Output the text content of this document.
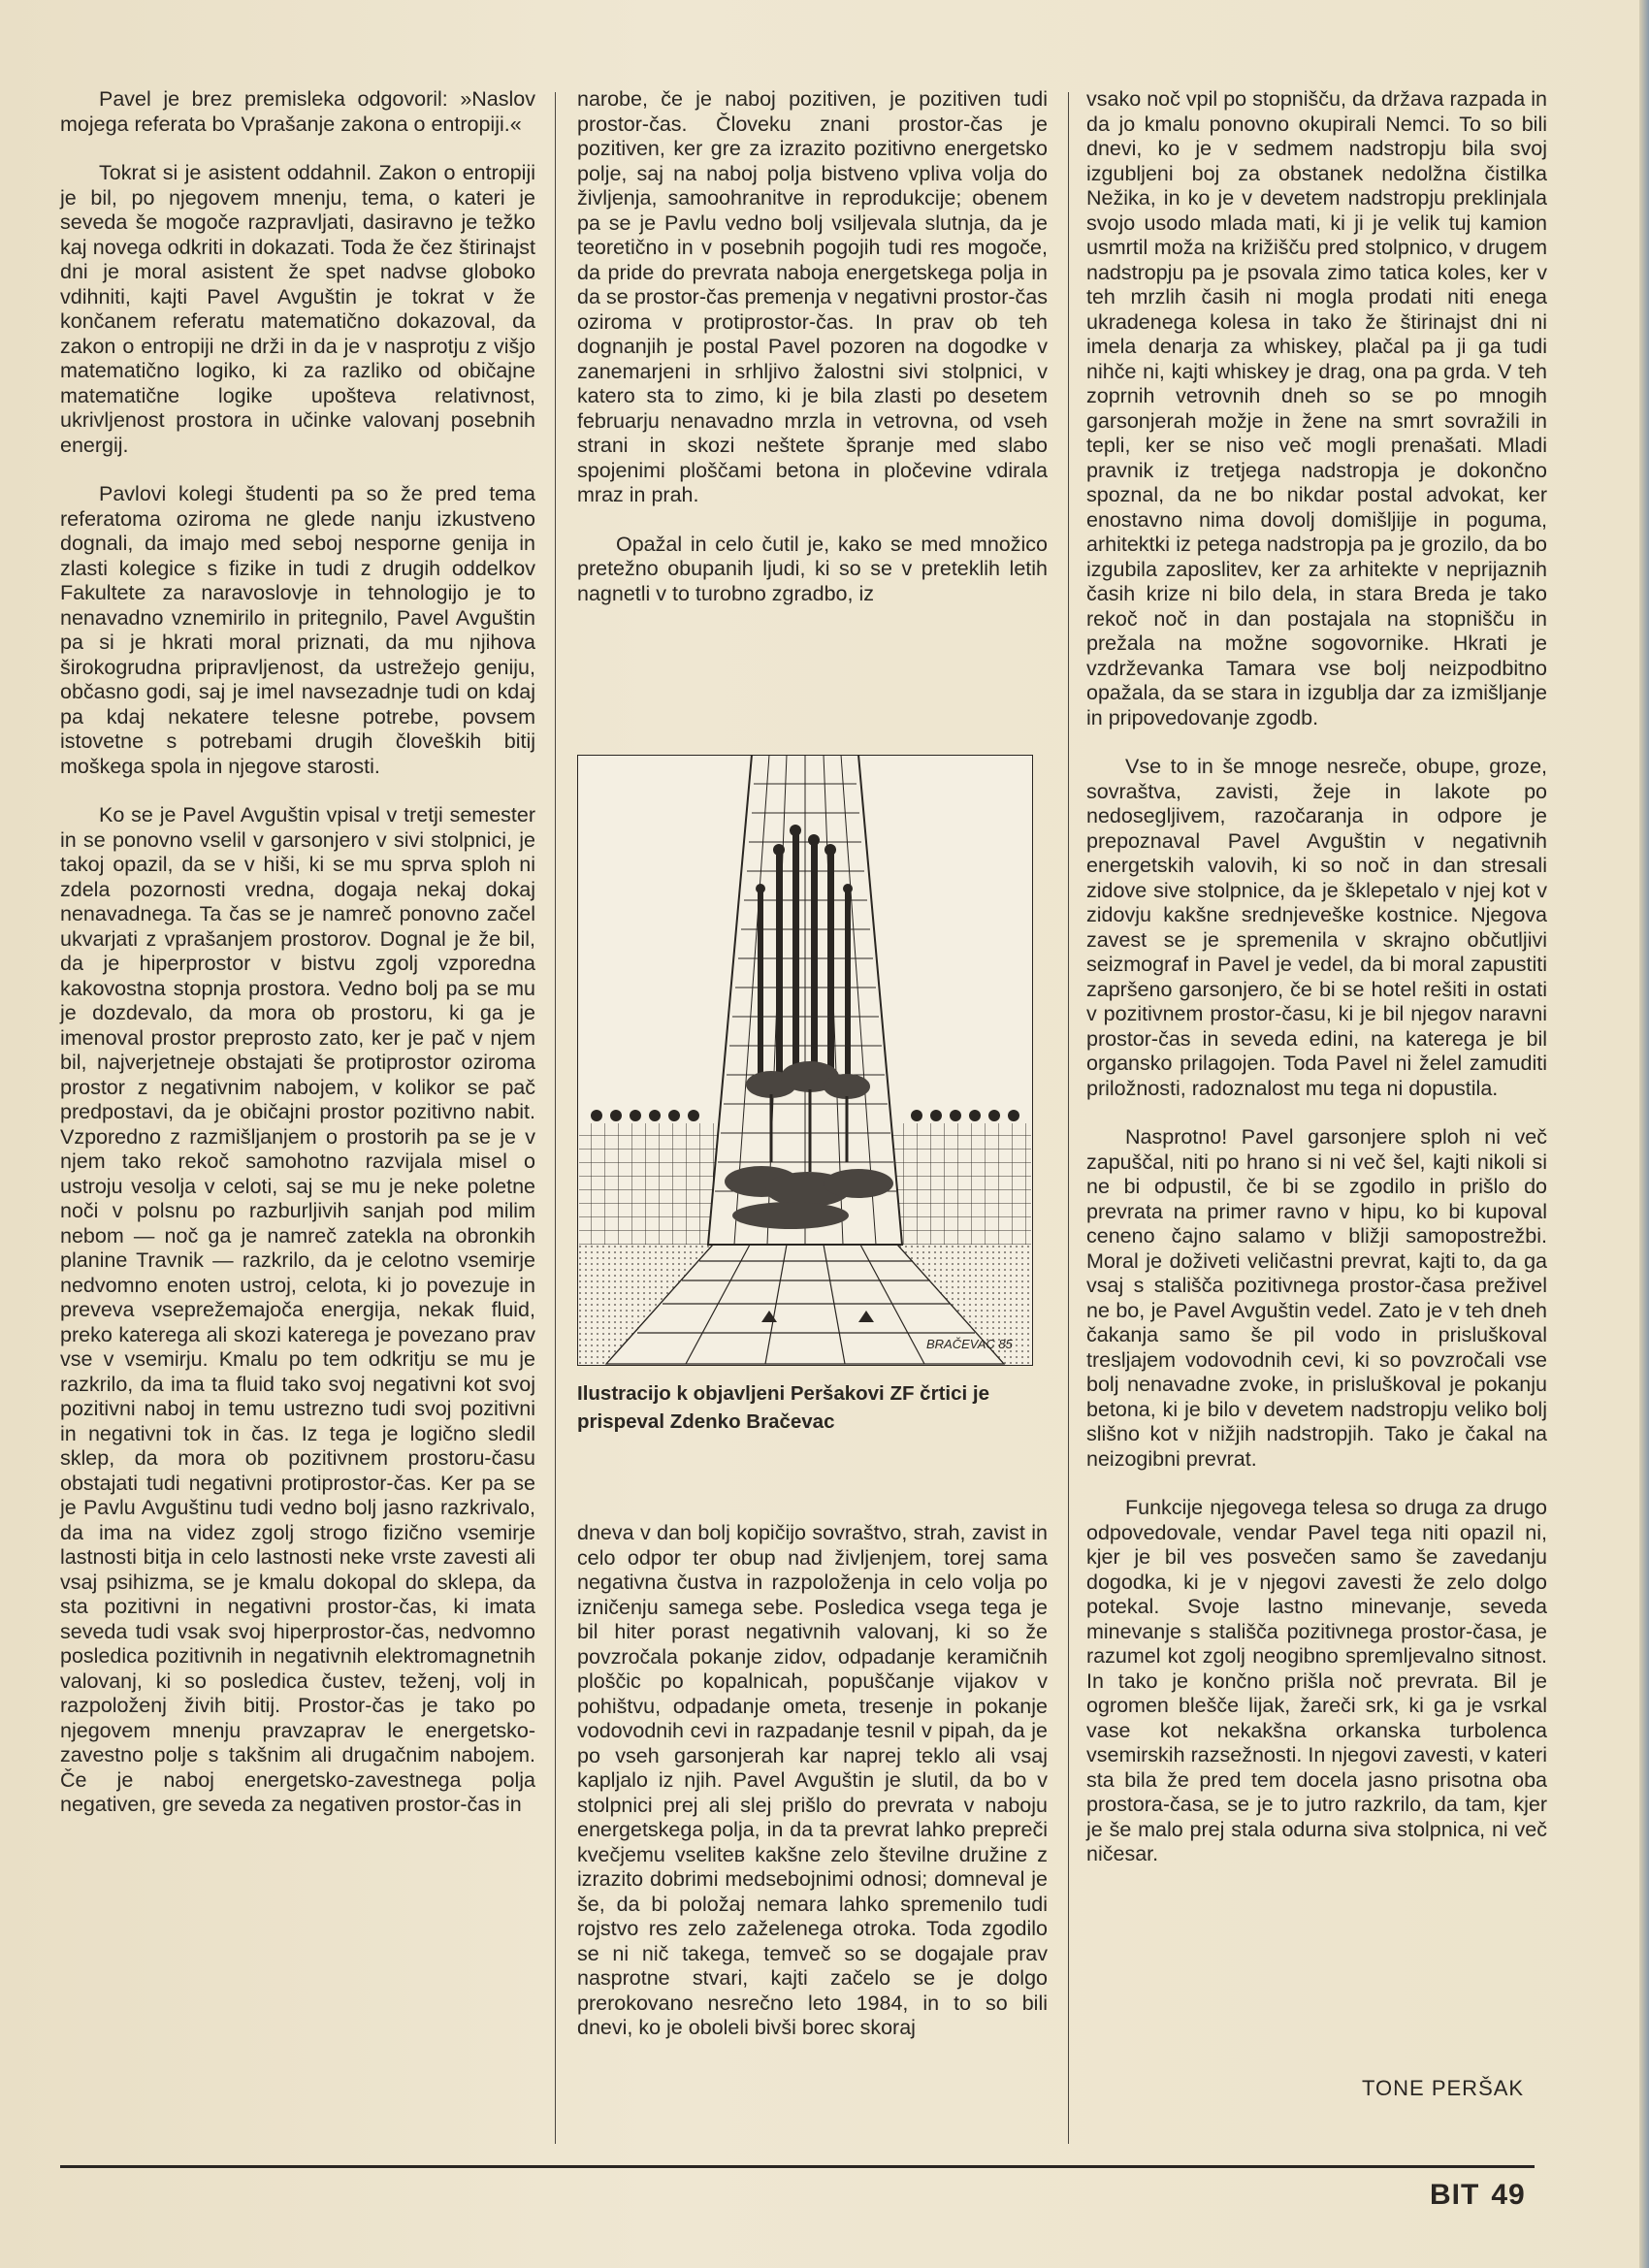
Pavel je brez premisleka odgovoril: »Naslov mojega referata bo Vprašanje zakona o entropiji.«

Tokrat si je asistent oddahnil. Zakon o entropiji je bil, po njegovem mnenju, tema, o kateri je seveda še mogoče razpravljati, dasiravno je težko kaj novega odkriti in dokazati. Toda že čez štirinajst dni je moral asistent že spet nadvse globoko vdihniti, kajti Pavel Avguštin je tokrat v že končanem referatu matematično dokazoval, da zakon o entropiji ne drži in da je v nasprotju z višjo matematično logiko, ki za razliko od običajne matematične logike upošteva relativnost, ukrivljenost prostora in učinke valovanj posebnih energij.

Pavlovi kolegi študenti pa so že pred tema referatoma oziroma ne glede nanju izkustveno dognali, da imajo med seboj nesporne genija in zlasti kolegice s fizike in tudi z drugih oddelkov Fakultete za naravoslovje in tehnologijo je to nenavadno vznemirilo in pritegnilo, Pavel Avguštin pa si je hkrati moral priznati, da mu njihova širokogrudna pripravljenost, da ustrežejo geniju, občasno godi, saj je imel navsezadnje tudi on kdaj pa kdaj nekatere telesne potrebe, povsem istovetne s potrebami drugih človeških bitij moškega spola in njegove starosti.

Ko se je Pavel Avguštin vpisal v tretji semester in se ponovno vselil v garsonjero v sivi stolpnici, je takoj opazil, da se v hiši, ki se mu sprva sploh ni zdela pozornosti vredna, dogaja nekaj dokaj nenavadnega. Ta čas se je namreč ponovno začel ukvarjati z vprašanjem prostorov. Dognal je že bil, da je hiperprostor v bistvu zgolj vzporedna kakovostna stopnja prostora. Vedno bolj pa se mu je dozdevalo, da mora ob prostoru, ki ga je imenoval prostor preprosto zato, ker je pač v njem bil, najverjetneje obstajati še protiprostor oziroma prostor z negativnim nabojem, v kolikor se pač predpostavi, da je običajni prostor pozitivno nabit. Vzporedno z razmišljanjem o prostorih pa se je v njem tako rekoč samohotno razvijala misel o ustroju vesolja v celoti, saj se mu je neke poletne noči v polsnu po razburljivih sanjah pod milim nebom — noč ga je namreč zatekla na obronkih planine Travnik — razkrilo, da je celotno vsemirje nedvomno enoten ustroj, celota, ki jo povezuje in preveva vseprežemajoča energija, nekak fluid, preko katerega ali skozi katerega je povezano prav vse v vsemirju. Kmalu po tem odkritju se mu je razkrilo, da ima ta fluid tako svoj negativni kot svoj pozitivni naboj in temu ustrezno tudi svoj pozitivni in negativni tok in čas. Iz tega je logično sledil sklep, da mora ob pozitivnem prostoru-času obstajati tudi negativni protiprostor-čas. Ker pa se je Pavlu Avguštinu tudi vedno bolj jasno razkrivalo, da ima na videz zgolj strogo fizično vsemirje lastnosti bitja in celo lastnosti neke vrste zavesti ali vsaj psihizma, se je kmalu dokopal do sklepa, da sta pozitivni in negativni prostor-čas, ki imata seveda tudi vsak svoj hiperprostor-čas, nedvomno posledica pozitivnih in negativnih elektromagnetnih valovanj, ki so posledica čustev, teženj, volj in razpoloženj živih bitij. Prostor-čas je tako po njegovem mnenju pravzaprav le energetsko-zavestno polje s takšnim ali drugačnim nabojem. Če je naboj energetsko-zavestnega polja negativen, gre seveda za negativen prostor-čas in

narobe, če je naboj pozitiven, je pozitiven tudi prostor-čas. Človeku znani prostor-čas je pozitiven, ker gre za izrazito pozitivno energetsko polje, saj na naboj polja bistveno vpliva volja do življenja, samoohranitve in reprodukcije; obenem pa se je Pavlu vedno bolj vsiljevala slutnja, da je teoretično in v posebnih pogojih tudi res mogoče, da pride do prevrata naboja energetskega polja in da se prostor-čas premenja v negativni prostor-čas oziroma v protiprostor-čas. In prav ob teh dognanjih je postal Pavel pozoren na dogodke v zanemarjeni in srhljivo žalostni sivi stolpnici, v katero sta to zimo, ki je bila zlasti po desetem februarju nenavadno mrzla in vetrovna, od vseh strani in skozi neštete špranje med slabo spojenimi ploščami betona in pločevine vdirala mraz in prah.

Opažal in celo čutil je, kako se med množico pretežno obupanih ljudi, ki so se v preteklih letih nagnetli v to turobno zgradbo, iz

BRAČEVAC 85
Ilustracijo k objavljeni Peršakovi ZF črtici je prispeval Zdenko Bračevac

dneva v dan bolj kopičijo sovraštvo, strah, zavist in celo odpor ter obup nad življenjem, torej sama negativna čustva in razpoloženja in celo volja po izničenju samega sebe. Posledica vsega tega je bil hiter porast negativnih valovanj, ki so že povzročala pokanje zidov, odpadanje keramičnih ploščic po kopalnicah, popuščanje vijakov v pohištvu, odpadanje ometa, tresenje in pokanje vodovodnih cevi in razpadanje tesnil v pipah, da je po vseh garsonjerah kar naprej teklo ali vsaj kapljalo iz njih. Pavel Avguštin je slutil, da bo v stolpnici prej ali slej prišlo do prevrata v naboju energetskega polja, in da ta prevrat lahko prepreči kvečjemu vseliteв kakšne zelo številne družine z izrazito dobrimi medsebojnimi odnosi; domneval je še, da bi položaj nemara lahko spremenilo tudi rojstvo res zelo zaželenega otroka. Toda zgodilo se ni nič takega, temveč so se dogajale prav nasprotne stvari, kajti začelo se je dolgo prerokovano nesrečno leto 1984, in to so bili dnevi, ko je oboleli bivši borec skoraj

vsako noč vpil po stopnišču, da država razpada in da jo kmalu ponovno okupirali Nemci. To so bili dnevi, ko je v sedmem nadstropju bila svoj izgubljeni boj za obstanek nedolžna čistilka Nežika, in ko je v devetem nadstropju preklinjala svojo usodo mlada mati, ki ji je velik tuj kamion usmrtil moža na križišču pred stolpnico, v drugem nadstropju pa je psovala zimo tatica koles, ker v teh mrzlih časih ni mogla prodati niti enega ukradenega kolesa in tako že štirinajst dni ni imela denarja za whiskey, plačal pa ji ga tudi nihče ni, kajti whiskey je drag, ona pa grda. V teh zoprnih vetrovnih dneh so se po mnogih garsonjerah možje in žene na smrt sovražili in tepli, ker se niso več mogli prenašati. Mladi pravnik iz tretjega nadstropja je dokončno spoznal, da ne bo nikdar postal advokat, ker enostavno nima dovolj domišljije in poguma, arhitektki iz petega nadstropja pa je grozilo, da bo izgubila zaposlitev, ker za arhitekte v neprijaznih časih krize ni bilo dela, in stara Breda je tako rekoč noč in dan postajala na stopnišču in prežala na možne sogovornike. Hkrati je vzdrževanka Tamara vse bolj neizpodbitno opažala, da se stara in izgublja dar za izmišljanje in pripovedovanje zgodb.

Vse to in še mnoge nesreče, obupe, groze, sovraštva, zavisti, žeje in lakote po nedosegljivem, razočaranja in odpore je prepoznaval Pavel Avguštin v negativnih energetskih valovih, ki so noč in dan stresali zidove sive stolpnice, da je šklepetalo v njej kot v zidovju kakšne srednjeveške kostnice. Njegova zavest se je spremenila v skrajno občutljivi seizmograf in Pavel je vedel, da bi moral zapustiti zapršeno garsonjero, če bi se hotel rešiti in ostati v pozitivnem prostor-času, ki je bil njegov naravni prostor-čas in seveda edini, na katerega je bil organsko prilagojen. Toda Pavel ni želel zamuditi priložnosti, radoznalost mu tega ni dopustila.

Nasprotno! Pavel garsonjere sploh ni več zapuščal, niti po hrano si ni več šel, kajti nikoli si ne bi odpustil, če bi se zgodilo in prišlo do prevrata na primer ravno v hipu, ko bi kupoval ceneno čajno salamo v bližji samopostrežbi. Moral je doživeti veličastni prevrat, kajti to, da ga vsaj s stališča pozitivnega prostor-časa preživel ne bo, je Pavel Avguštin vedel. Zato je v teh dneh čakanja samo še pil vodo in prisluškoval tresljajem vodovodnih cevi, ki so povzročali vse bolj nenavadne zvoke, in prisluškoval je pokanju betona, ki je bilo v devetem nadstropju veliko bolj slišno kot v nižjih nadstropjih. Tako je čakal na neizogibni prevrat.

Funkcije njegovega telesa so druga za drugo odpovedovale, vendar Pavel tega niti opazil ni, kjer je bil ves posvečen samo še zavedanju dogodka, ki je v njegovi zavesti že zelo dolgo potekal. Svoje lastno minevanje, seveda minevanje s stališča pozitivnega prostor-časa, je razumel kot zgolj neogibno spremljevalno sitnost. In tako je končno prišla noč prevrata. Bil je ogromen blešče lijak, žareči srk, ki ga je vsrkal vase kot nekakšna orkanska turbolenca vsemirskih razsežnosti. In njegovi zavesti, v kateri sta bila že pred tem docela jasno prisotna oba prostora-časa, se je to jutro razkrilo, da tam, kjer je še malo prej stala odurna siva stolpnica, ni več ničesar.

TONE PERŠAK
BIT 49
